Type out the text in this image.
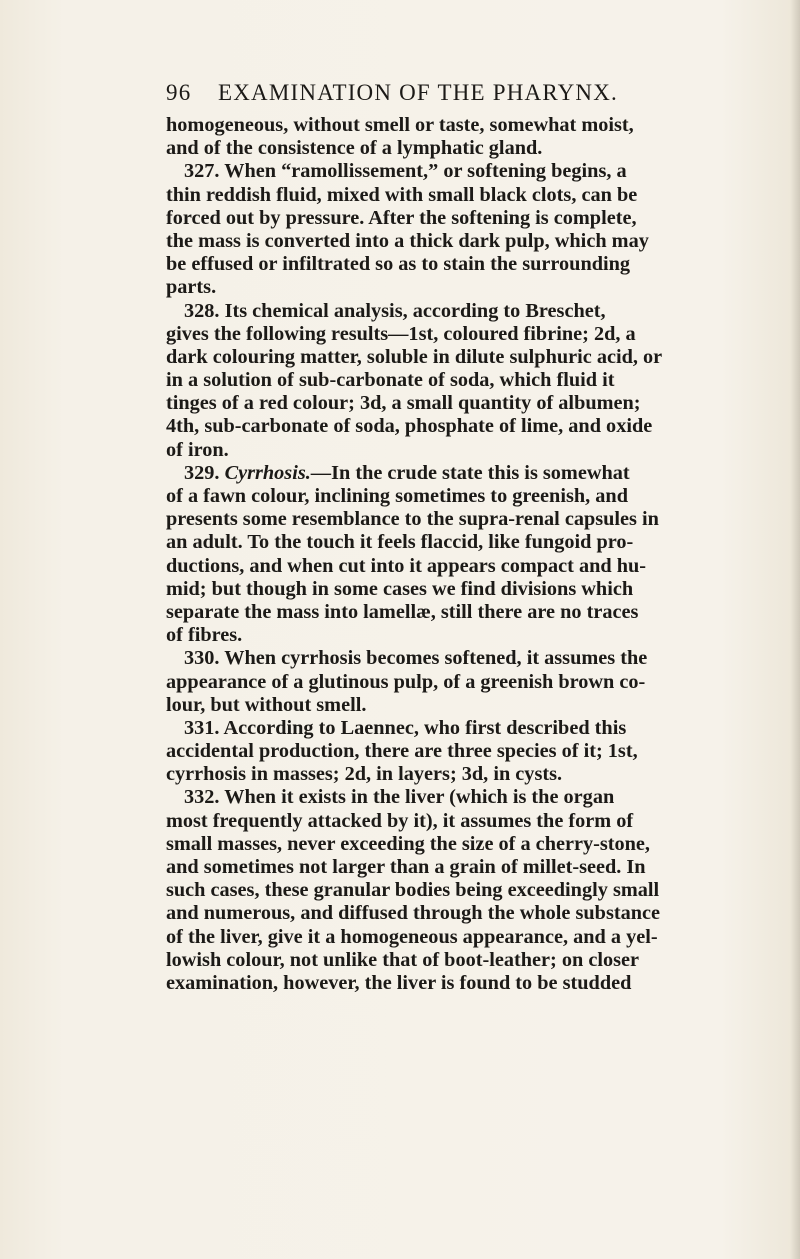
96 EXAMINATION OF THE PHARYNX.
homogeneous, without smell or taste, somewhat moist,
and of the consistence of a lymphatic gland.
327. When “ramollissement,” or softening begins, a
thin reddish fluid, mixed with small black clots, can be
forced out by pressure. After the softening is complete,
the mass is converted into a thick dark pulp, which may
be effused or infiltrated so as to stain the surrounding
parts.
328. Its chemical analysis, according to Breschet,
gives the following results—1st, coloured fibrine; 2d, a
dark colouring matter, soluble in dilute sulphuric acid, or
in a solution of sub-carbonate of soda, which fluid it
tinges of a red colour; 3d, a small quantity of albumen;
4th, sub-carbonate of soda, phosphate of lime, and oxide
of iron.
329. Cyrrhosis.—In the crude state this is somewhat
of a fawn colour, inclining sometimes to greenish, and
presents some resemblance to the supra-renal capsules in
an adult. To the touch it feels flaccid, like fungoid pro-
ductions, and when cut into it appears compact and hu-
mid; but though in some cases we find divisions which
separate the mass into lamellæ, still there are no traces
of fibres.
330. When cyrrhosis becomes softened, it assumes the
appearance of a glutinous pulp, of a greenish brown co-
lour, but without smell.
331. According to Laennec, who first described this
accidental production, there are three species of it; 1st,
cyrrhosis in masses; 2d, in layers; 3d, in cysts.
332. When it exists in the liver (which is the organ
most frequently attacked by it), it assumes the form of
small masses, never exceeding the size of a cherry-stone,
and sometimes not larger than a grain of millet-seed. In
such cases, these granular bodies being exceedingly small
and numerous, and diffused through the whole substance
of the liver, give it a homogeneous appearance, and a yel-
lowish colour, not unlike that of boot-leather; on closer
examination, however, the liver is found to be studded
